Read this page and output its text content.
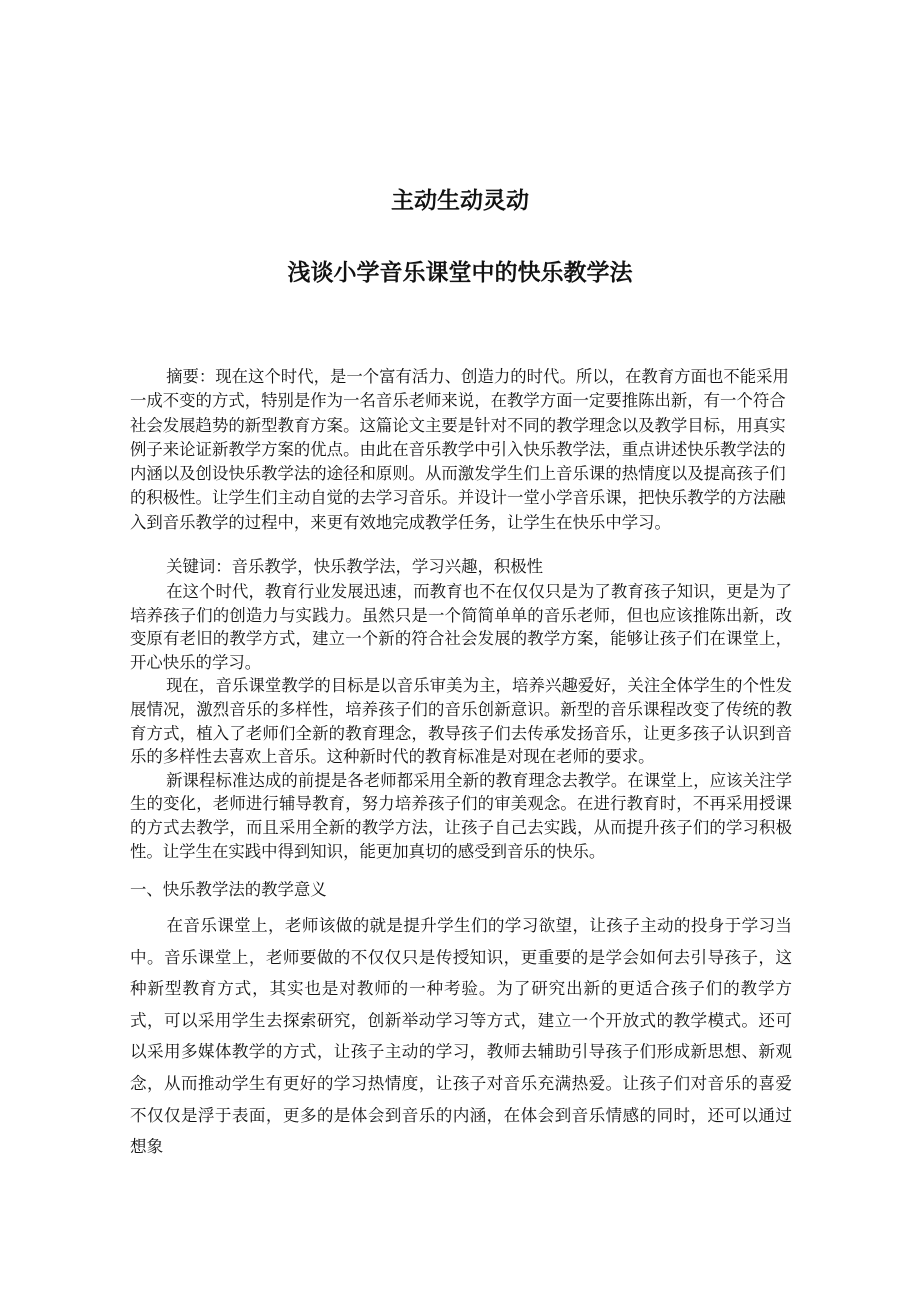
主动生动灵动
浅谈小学音乐课堂中的快乐教学法

摘要：现在这个时代，是一个富有活力、创造力的时代。所以，在教育方面也不能采用一成不变的方式，特别是作为一名音乐老师来说，在教学方面一定要推陈出新，有一个符合社会发展趋势的新型教育方案。这篇论文主要是针对不同的教学理念以及教学目标，用真实例子来论证新教学方案的优点。由此在音乐教学中引入快乐教学法，重点讲述快乐教学法的内涵以及创设快乐教学法的途径和原则。从而激发学生们上音乐课的热情度以及提高孩子们的积极性。让学生们主动自觉的去学习音乐。并设计一堂小学音乐课，把快乐教学的方法融入到音乐教学的过程中，来更有效地完成教学任务，让学生在快乐中学习。

关键词：音乐教学，快乐教学法，学习兴趣，积极性

在这个时代，教育行业发展迅速，而教育也不在仅仅只是为了教育孩子知识，更是为了培养孩子们的创造力与实践力。虽然只是一个简简单单的音乐老师，但也应该推陈出新，改变原有老旧的教学方式，建立一个新的符合社会发展的教学方案，能够让孩子们在课堂上，开心快乐的学习。

现在，音乐课堂教学的目标是以音乐审美为主，培养兴趣爱好，关注全体学生的个性发展情况，激烈音乐的多样性，培养孩子们的音乐创新意识。新型的音乐课程改变了传统的教育方式，植入了老师们全新的教育理念，教导孩子们去传承发扬音乐，让更多孩子认识到音乐的多样性去喜欢上音乐。这种新时代的教育标准是对现在老师的要求。

新课程标准达成的前提是各老师都采用全新的教育理念去教学。在课堂上，应该关注学生的变化，老师进行辅导教育，努力培养孩子们的审美观念。在进行教育时，不再采用授课的方式去教学，而且采用全新的教学方法，让孩子自己去实践，从而提升孩子们的学习积极性。让学生在实践中得到知识，能更加真切的感受到音乐的快乐。

一、快乐教学法的教学意义

在音乐课堂上，老师该做的就是提升学生们的学习欲望，让孩子主动的投身于学习当中。音乐课堂上，老师要做的不仅仅只是传授知识，更重要的是学会如何去引导孩子，这种新型教育方式，其实也是对教师的一种考验。为了研究出新的更适合孩子们的教学方式，可以采用学生去探索研究，创新举动学习等方式，建立一个开放式的教学模式。还可以采用多媒体教学的方式，让孩子主动的学习，教师去辅助引导孩子们形成新思想、新观念，从而推动学生有更好的学习热情度，让孩子对音乐充满热爱。让孩子们对音乐的喜爱不仅仅是浮于表面，更多的是体会到音乐的内涵，在体会到音乐情感的同时，还可以通过想象
